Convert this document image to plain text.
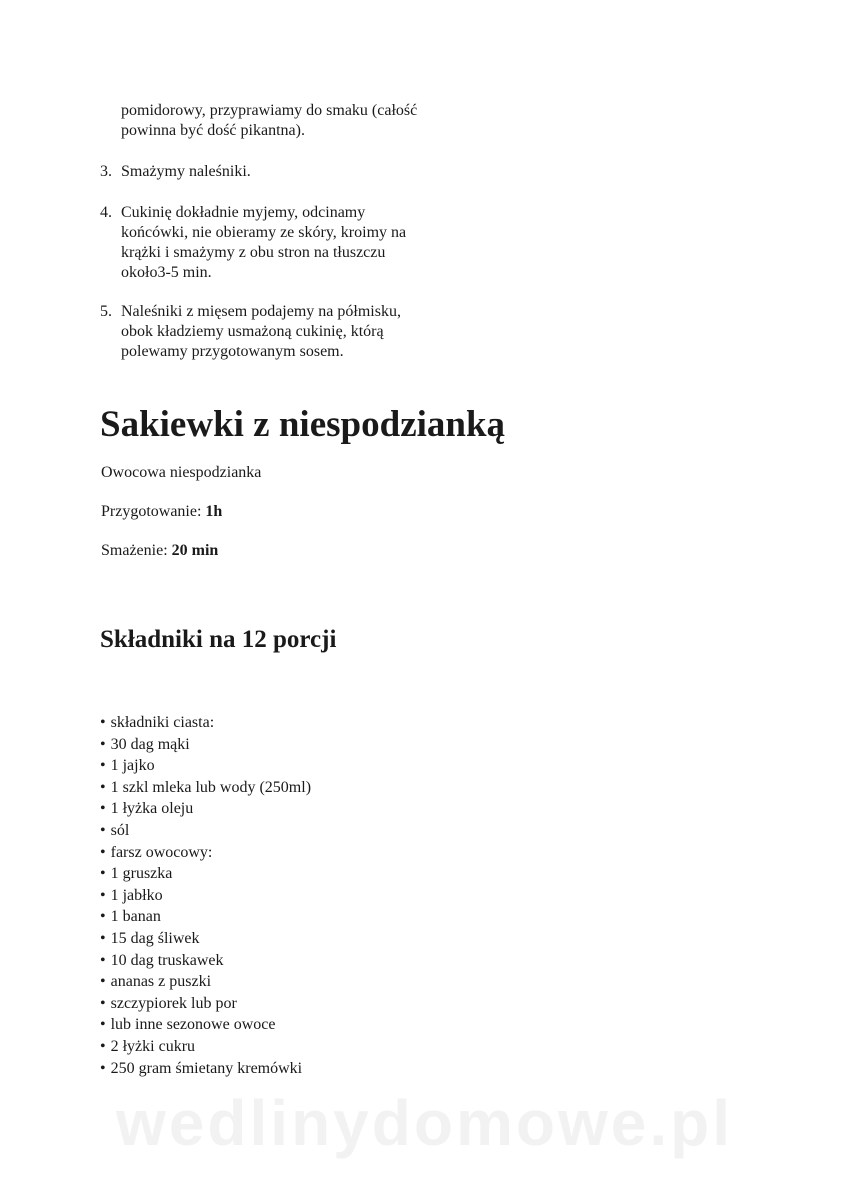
pomidorowy, przyprawiamy do smaku (całość
powinna być dość pikantna).
3. Smażymy naleśniki.
4. Cukinię dokładnie myjemy, odcinamy
końcówki, nie obieramy ze skóry, kroimy na
krążki i smażymy z obu stron na tłuszczu
około3-5 min.
5. Naleśniki z mięsem podajemy na półmisku,
obok kładziemy usmażoną cukinię, którą
polewamy przygotowanym sosem.
Sakiewki z niespodzianką
Owocowa niespodzianka
Przygotowanie: 1h
Smażenie: 20 min
Składniki na 12 porcji
• składniki ciasta:
• 30 dag mąki
• 1 jajko
• 1 szkl mleka lub wody (250ml)
• 1 łyżka oleju
• sól
• farsz owocowy:
• 1 gruszka
• 1 jabłko
• 1 banan
• 15 dag śliwek
• 10 dag truskawek
• ananas z puszki
• szczypiorek lub por
• lub inne sezonowe owoce
• 2 łyżki cukru
• 250 gram śmietany kremówki
wedlinydomowe.pl
